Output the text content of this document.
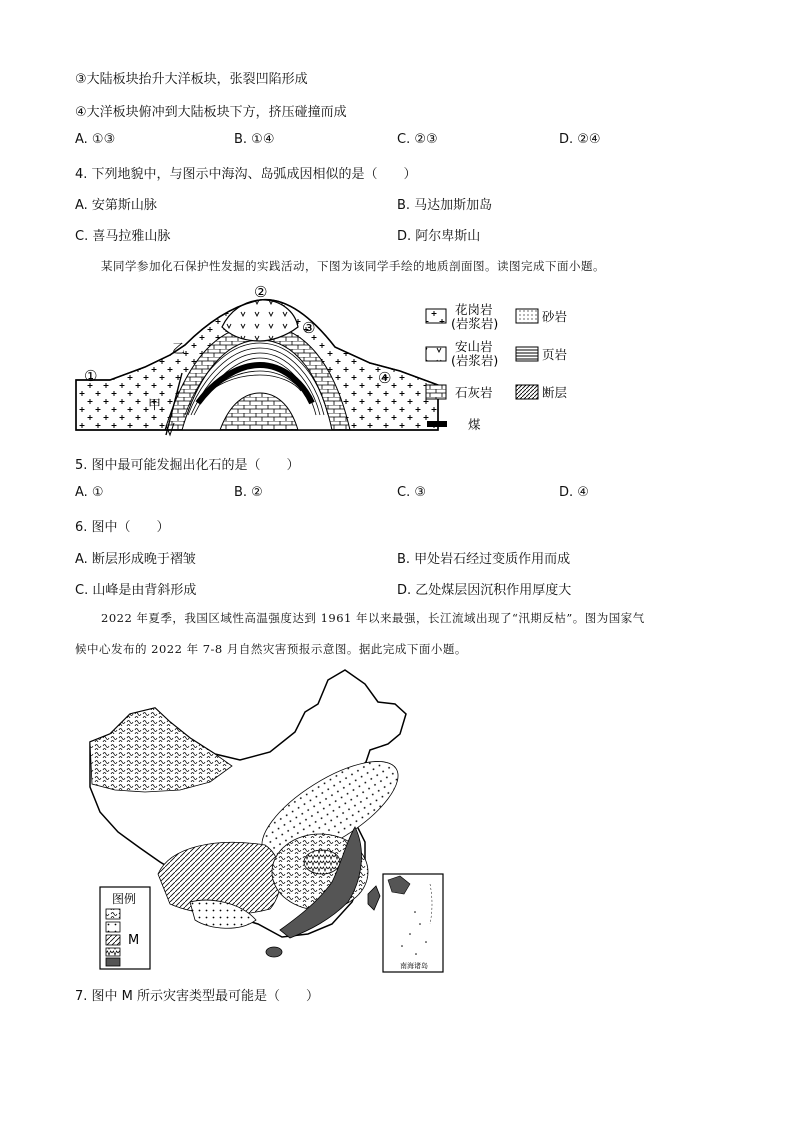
③大陆板块抬升大洋板块，张裂凹陷形成
④大洋板块俯冲到大陆板块下方，挤压碰撞而成
A. ①③	B. ①④	C. ②③	D. ②④
4. 下列地貌中，与图示中海沟、岛弧成因相似的是（　　）
A. 安第斯山脉	B. 马达加斯加岛
C. 喜马拉雅山脉	D. 阿尔卑斯山
某同学参加化石保护性发掘的实践活动，下图为该同学手绘的地质剖面图。读图完成下面小题。
①
②
③
④
甲
乙
花岗岩
(岩浆岩)	砂岩
安山岩
(岩浆岩)	页岩
石灰岩	断层
煤
5. 图中最可能发掘出化石的是（　　）
A. ①	B. ②	C. ③	D. ④
6. 图中（　　）
A. 断层形成晚于褶皱	B. 甲处岩石经过变质作用而成
C. 山峰是由背斜形成	D. 乙处煤层因沉积作用厚度大
2022 年夏季，我国区域性高温强度达到 1961 年以来最强，长江流域出现了“汛期反枯”。图为国家气
候中心发布的 2022 年 7-8 月自然灾害预报示意图。据此完成下面小题。
图例
M
南海诸岛
7. 图中 M 所示灾害类型最可能是（　　）
